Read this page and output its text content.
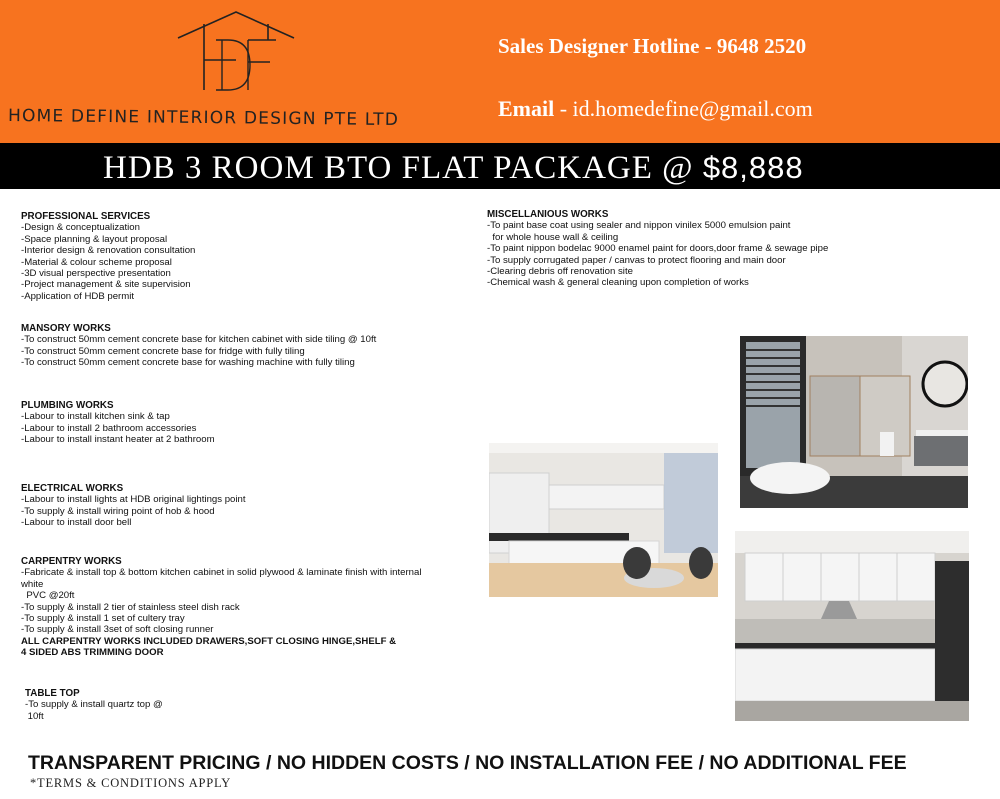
HOME DEFINE INTERIOR DESIGN PTE LTD
Sales Designer Hotline - 9648 2520
Email - id.homedefine@gmail.com
HDB 3 ROOM BTO FLAT PACKAGE @ $8,888
PROFESSIONAL SERVICES
-Design & conceptualization
-Space planning & layout proposal
-Interior design & renovation consultation
-Material & colour scheme proposal
-3D visual perspective presentation
-Project management & site supervision
-Application of HDB permit
MANSORY WORKS
-To construct 50mm cement concrete base for kitchen cabinet with side tiling @ 10ft
-To construct 50mm cement concrete base for fridge with fully tiling
-To construct 50mm cement concrete base for washing machine with fully tiling
PLUMBING WORKS
-Labour to install kitchen sink & tap
-Labour to install 2 bathroom accessories
-Labour to install instant heater at 2 bathroom
ELECTRICAL WORKS
-Labour to install lights at HDB original lightings point
-To supply & install wiring point of hob & hood
-Labour to install door bell
CARPENTRY WORKS
-Fabricate & install top & bottom kitchen cabinet in solid plywood & laminate finish with internal
white
PVC @20ft
-To supply & install 2 tier of stainless steel dish rack
-To supply & install 1 set of cultery tray
-To supply & install 3set of soft closing runner
ALL CARPENTRY WORKS INCLUDED DRAWERS,SOFT CLOSING HINGE,SHELF &
4 SIDED ABS TRIMMING DOOR
TABLE TOP
-To supply & install quartz top @
10ft
MISCELLANIOUS WORKS
-To paint base coat using sealer and nippon vinilex 5000 emulsion paint
for whole house wall & ceiling
-To paint nippon bodelac 9000 enamel paint for doors,door frame & sewage pipe
-To supply corrugated paper / canvas to protect flooring and main door
-Clearing debris off renovation site
-Chemical wash & general cleaning upon completion of works
TRANSPARENT PRICING / NO HIDDEN COSTS / NO INSTALLATION FEE / NO ADDITIONAL FEE
*TERMS & CONDITIONS APPLY
